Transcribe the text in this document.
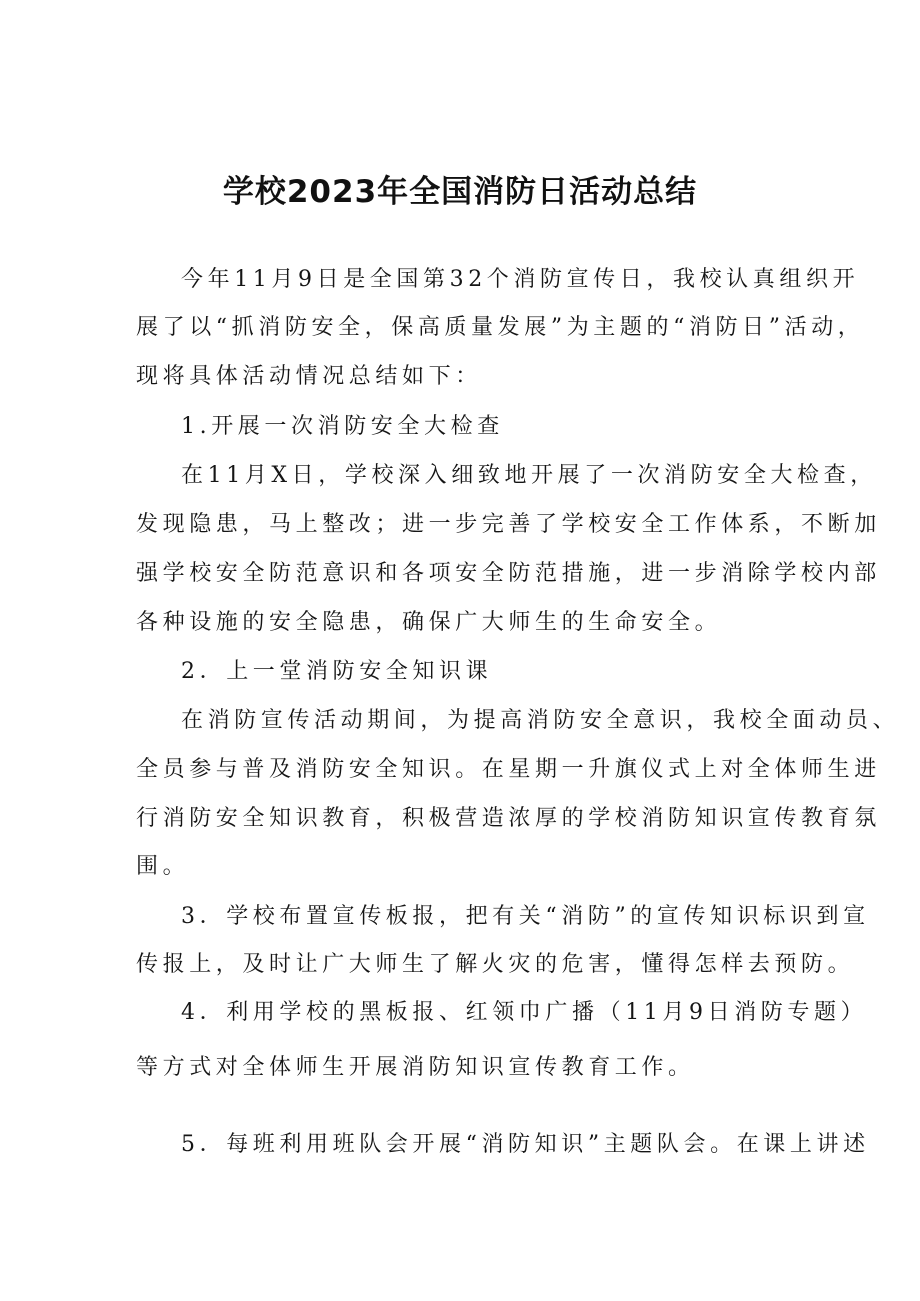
学校2023年全国消防日活动总结
今年11月9日是全国第32个消防宣传日，我校认真组织开
展了以“抓消防安全，保高质量发展”为主题的“消防日”活动，
现将具体活动情况总结如下：
1.开展一次消防安全大检查
在11月X日，学校深入细致地开展了一次消防安全大检查，
发现隐患，马上整改；进一步完善了学校安全工作体系，不断加
强学校安全防范意识和各项安全防范措施，进一步消除学校内部
各种设施的安全隐患，确保广大师生的生命安全。
2．上一堂消防安全知识课
在消防宣传活动期间，为提高消防安全意识，我校全面动员、
全员参与普及消防安全知识。在星期一升旗仪式上对全体师生进
行消防安全知识教育，积极营造浓厚的学校消防知识宣传教育氛
围。
3．学校布置宣传板报，把有关“消防”的宣传知识标识到宣
传报上，及时让广大师生了解火灾的危害，懂得怎样去预防。
4．利用学校的黑板报、红领巾广播（11月9日消防专题）
等方式对全体师生开展消防知识宣传教育工作。
5．每班利用班队会开展“消防知识”主题队会。在课上讲述
